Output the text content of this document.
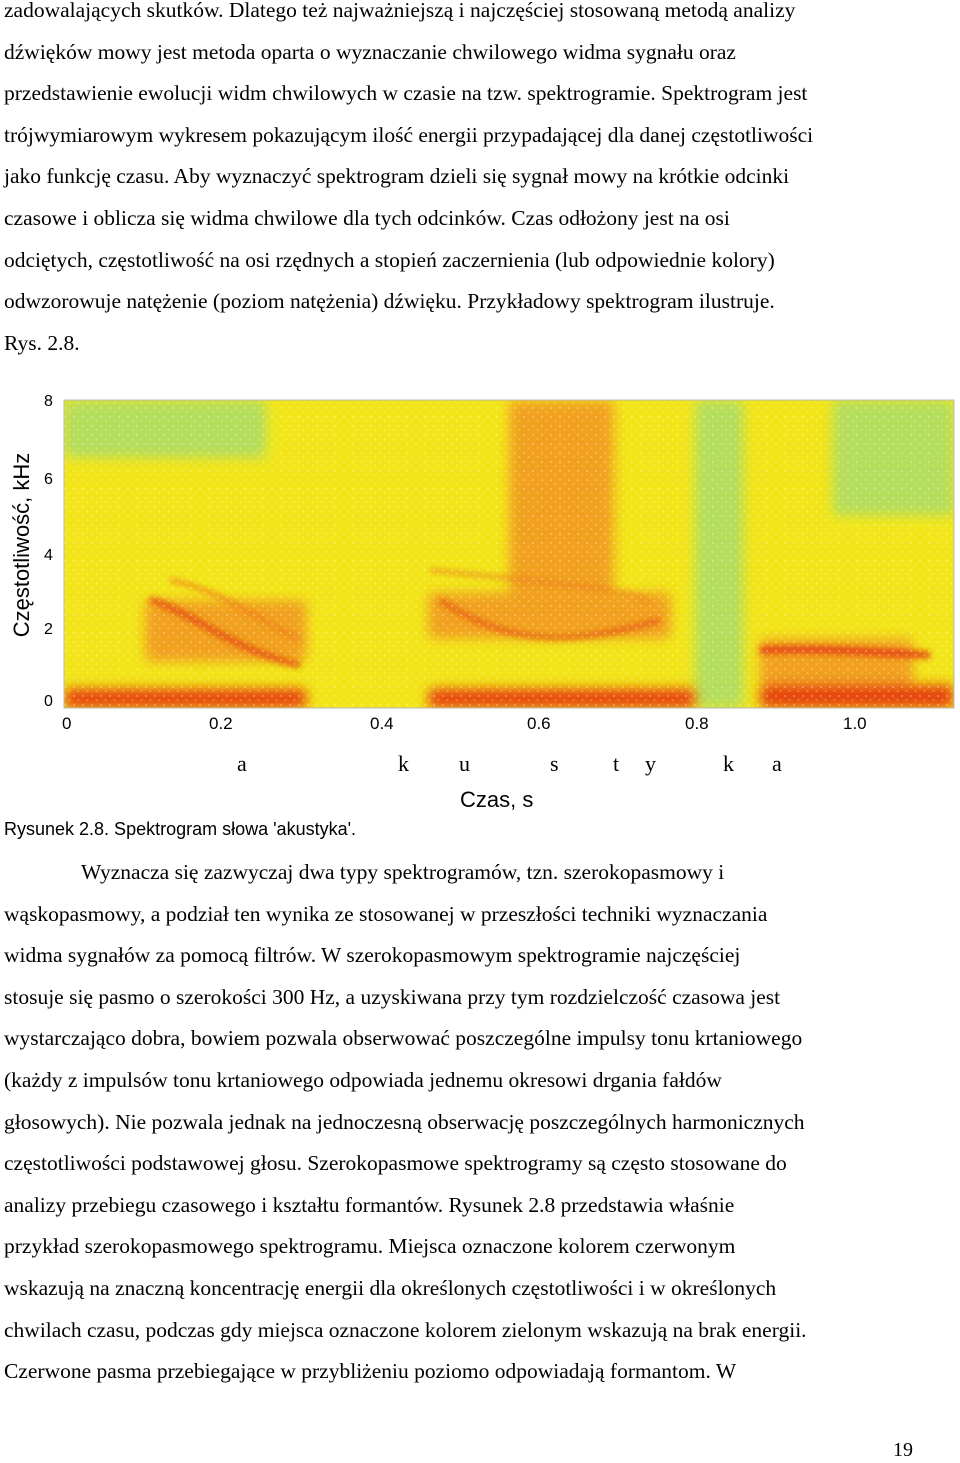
zadowalających skutków. Dlatego też najważniejszą i najczęściej stosowaną metodą analizy
dźwięków mowy jest metoda oparta o wyznaczanie chwilowego widma sygnału oraz
przedstawienie ewolucji widm chwilowych w czasie na tzw. spektrogramie. Spektrogram jest
trójwymiarowym wykresem pokazującym ilość energii przypadającej dla danej częstotliwości
jako funkcję czasu. Aby wyznaczyć spektrogram dzieli się sygnał mowy na krótkie odcinki
czasowe i oblicza się widma chwilowe dla tych odcinków. Czas odłożony jest na osi
odciętych, częstotliwość na osi rzędnych a stopień zaczernienia (lub odpowiednie kolory)
odwzorowuje natężenie (poziom natężenia) dźwięku. Przykładowy spektrogram ilustruje.
Rys. 2.8.
Częstotliwość, kHz
8
6
4
2
0
0	0.2	0.4	0.6	0.8	1.0
a	k u	s t y	k a
Czas, s
Rysunek 2.8. Spektrogram słowa 'akustyka'.
Wyznacza się zazwyczaj dwa typy spektrogramów, tzn. szerokopasmowy i
wąskopasmowy, a podział ten wynika ze stosowanej w przeszłości techniki wyznaczania
widma sygnałów za pomocą filtrów. W szerokopasmowym spektrogramie najczęściej
stosuje się pasmo o szerokości 300 Hz, a uzyskiwana przy tym rozdzielczość czasowa jest
wystarczająco dobra, bowiem pozwala obserwować poszczególne impulsy tonu krtaniowego
(każdy z impulsów tonu krtaniowego odpowiada jednemu okresowi drgania fałdów
głosowych). Nie pozwala jednak na jednoczesną obserwację poszczególnych harmonicznych
częstotliwości podstawowej głosu. Szerokopasmowe spektrogramy są często stosowane do
analizy przebiegu czasowego i kształtu formantów. Rysunek 2.8 przedstawia właśnie
przykład szerokopasmowego spektrogramu. Miejsca oznaczone kolorem czerwonym
wskazują na znaczną koncentrację energii dla określonych częstotliwości i w określonych
chwilach czasu, podczas gdy miejsca oznaczone kolorem zielonym wskazują na brak energii.
Czerwone pasma przebiegające w przybliżeniu poziomo odpowiadają formantom. W
19
